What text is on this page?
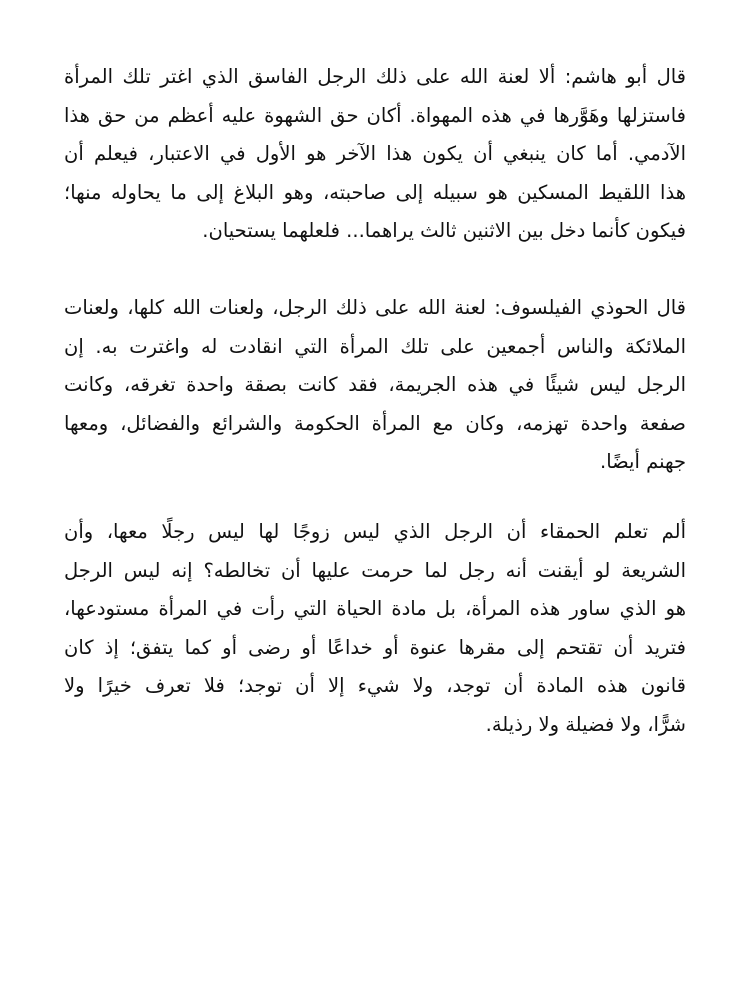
قال أبو هاشم: ألا لعنة الله على ذلك الرجل الفاسق الذي اغتر تلك المرأة
فاستزلها وهَوَّرها في هذه المهواة. أكان حق الشهوة عليه أعظم من حق هذا
الآدمي. أما كان ينبغي أن يكون هذا الآخر هو الأول في الاعتبار، فيعلم أن
هذا اللقيط المسكين هو سبيله إلى صاحبته، وهو البلاغ إلى ما يحاوله منها؛
فيكون كأنما دخل بين الاثنين ثالث يراهما... فلعلهما يستحيان.
قال الحوذي الفيلسوف: لعنة الله على ذلك الرجل، ولعنات الله كلها، ولعنات
الملائكة والناس أجمعين على تلك المرأة التي انقادت له واغترت به. إن
الرجل ليس شيئًا في هذه الجريمة، فقد كانت بصقة واحدة تغرقه، وكانت
صفعة واحدة تهزمه، وكان مع المرأة الحكومة والشرائع والفضائل، ومعها
جهنم أيضًا.
ألم تعلم الحمقاء أن الرجل الذي ليس زوجًا لها ليس رجلًا معها، وأن
الشريعة لو أيقنت أنه رجل لما حرمت عليها أن تخالطه؟ إنه ليس الرجل
هو الذي ساور هذه المرأة، بل مادة الحياة التي رأت في المرأة مستودعها،
فتريد أن تقتحم إلى مقرها عنوة أو خداعًا أو رضى أو كما يتفق؛ إذ كان
قانون هذه المادة أن توجد، ولا شيء إلا أن توجد؛ فلا تعرف خيرًا ولا
شرًّا، ولا فضيلة ولا رذيلة.
